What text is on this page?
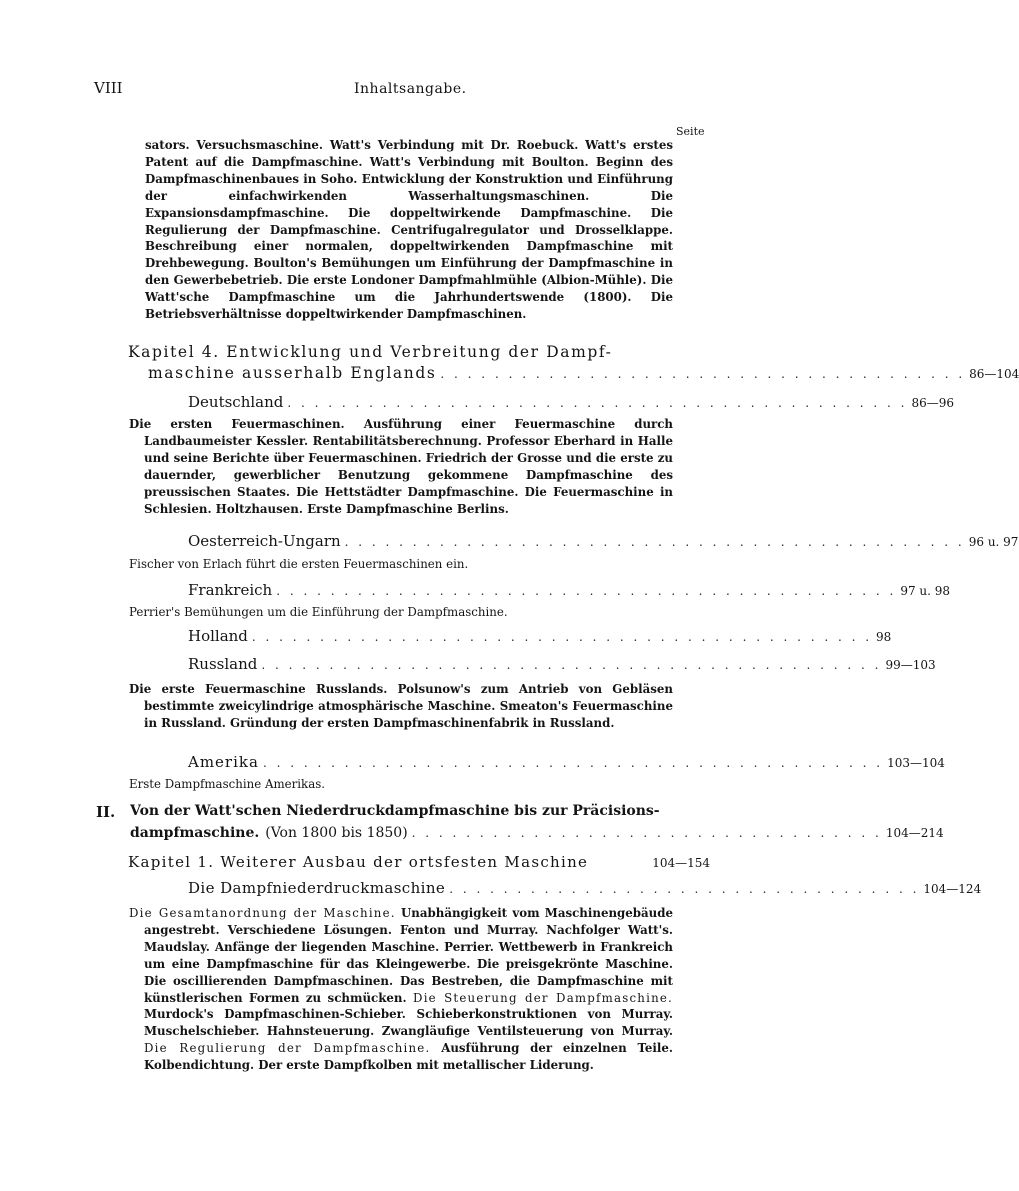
VIII	Inhaltsangabe.
Seite

sators. Versuchsmaschine. Watt's Verbindung mit Dr. Roebuck. Watt's erstes Patent auf die Dampfmaschine. Watt's Verbindung mit Boulton. Beginn des Dampfmaschinenbaues in Soho. Entwicklung der Konstruktion und Einführung der einfachwirkenden Wasserhaltungsmaschinen. Die Expansionsdampfmaschine. Die doppeltwirkende Dampfmaschine. Die Regulierung der Dampfmaschine. Centrifugalregulator und Drosselklappe. Beschreibung einer normalen, doppeltwirkenden Dampfmaschine mit Drehbewegung. Boulton's Bemühungen um Einführung der Dampfmaschine in den Gewerbebetrieb. Die erste Londoner Dampfmahlmühle (Albion-Mühle). Die Watt'sche Dampfmaschine um die Jahrhundertswende (1800). Die Betriebsverhältnisse doppeltwirkender Dampfmaschinen.

Kapitel 4. Entwicklung und Verbreitung der Dampf-
maschine ausserhalb Englands . . . . . . . . . . . . . . . . . . . . . . . . . . . . . . . . . . . . . . . 86—104
Deutschland . . . . . . . . . . . . . . . . . . . . . . . . . . . . . . . . . . . . . . . . . . . . . . 86—96

Die ersten Feuermaschinen. Ausführung einer Feuermaschine durch Landbaumeister Kessler. Rentabilitätsberechnung. Professor Eberhard in Halle und seine Berichte über Feuermaschinen. Friedrich der Grosse und die erste zu dauernder, gewerblicher Benutzung gekommene Dampfmaschine des preussischen Staates. Die Hettstädter Dampfmaschine. Die Feuermaschine in Schlesien. Holtzhausen. Erste Dampfmaschine Berlins.

Oesterreich-Ungarn . . . . . . . . . . . . . . . . . . . . . . . . . . . . . . . . . . . . . . . . . . . . . . 96 u. 97

Fischer von Erlach führt die ersten Feuermaschinen ein.

Frankreich . . . . . . . . . . . . . . . . . . . . . . . . . . . . . . . . . . . . . . . . . . . . . . 97 u. 98

Perrier's Bemühungen um die Einführung der Dampfmaschine.

Holland . . . . . . . . . . . . . . . . . . . . . . . . . . . . . . . . . . . . . . . . . . . . . . 98
Russland . . . . . . . . . . . . . . . . . . . . . . . . . . . . . . . . . . . . . . . . . . . . . . 99—103

Die erste Feuermaschine Russlands. Polsunow's zum Antrieb von Gebläsen bestimmte zweicylindrige atmosphärische Maschine. Smeaton's Feuermaschine in Russland. Gründung der ersten Dampfmaschinenfabrik in Russland.

Amerika . . . . . . . . . . . . . . . . . . . . . . . . . . . . . . . . . . . . . . . . . . . . . . 103—104

Erste Dampfmaschine Amerikas.

II. Von der Watt'schen Niederdruckdampfmaschine bis zur Präcisions-
dampfmaschine. (Von 1800 bis 1850) . . . . . . . . . . . . . . . . . . . . . . . . . . . . . . . . . . . 104—214
Kapitel 1. Weiterer Ausbau der ortsfesten Maschine	104—154
Die Dampfniederdruckmaschine . . . . . . . . . . . . . . . . . . . . . . . . . . . . . . . . . . . 104—124

Die Gesamtanordnung der Maschine. Unabhängigkeit vom Maschinengebäude angestrebt. Verschiedene Lösungen. Fenton und Murray. Nachfolger Watt's. Maudslay. Anfänge der liegenden Maschine. Perrier. Wettbewerb in Frankreich um eine Dampfmaschine für das Kleingewerbe. Die preisgekrönte Maschine. Die oscillierenden Dampfmaschinen. Das Bestreben, die Dampfmaschine mit künstlerischen Formen zu schmücken. Die Steuerung der Dampfmaschine. Murdock's Dampfmaschinen-Schieber. Schieberkonstruktionen von Murray. Muschelschieber. Hahnsteuerung. Zwangläufige Ventilsteuerung von Murray. Die Regulierung der Dampfmaschine. Ausführung der einzelnen Teile. Kolbendichtung. Der erste Dampfkolben mit metallischer Liderung.
